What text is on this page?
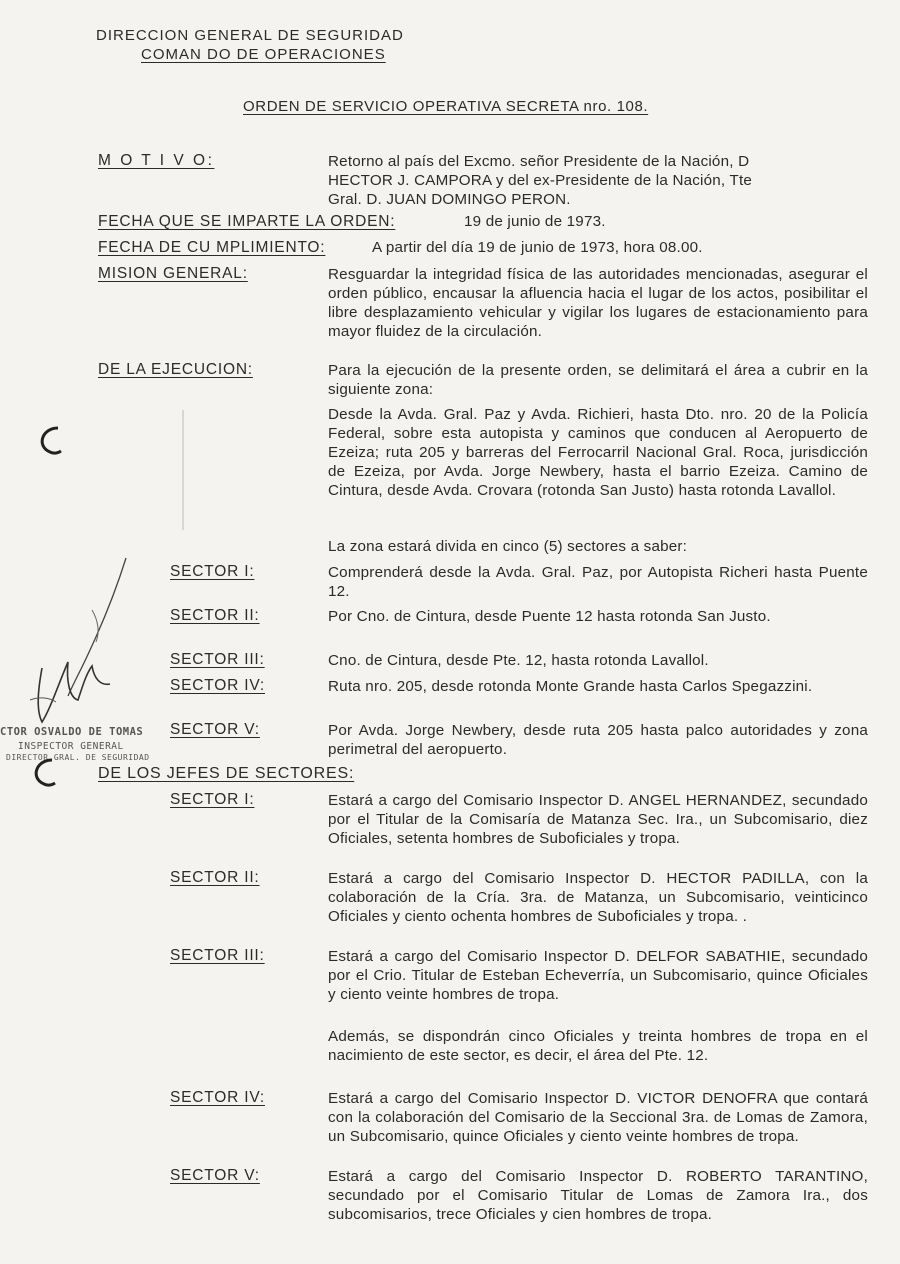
DIRECCION GENERAL DE SEGURIDAD
COMAN DO DE OPERACIONES
ORDEN DE SERVICIO OPERATIVA SECRETA nro. 108.
M O T I V O:	Retorno al país del Excmo. señor Presidente de la Nación, D
HECTOR J. CAMPORA y del ex-Presidente de la Nación, Tte
Gral. D. JUAN DOMINGO PERON.
FECHA QUE SE IMPARTE LA ORDEN:	19 de junio de 1973.
FECHA DE CU MPLIMIENTO:	A partir del día 19 de junio de 1973, hora 08.00.
MISION GENERAL:	Resguardar la integridad física de las autoridades mencionadas, asegurar el orden público, encausar la afluencia hacia el lugar de los actos, posibilitar el libre desplazamiento vehicular y vigilar los lugares de estacionamiento para mayor fluidez de la circulación.
DE LA EJECUCION:	Para la ejecución de la presente orden, se delimitará el área a cubrir en la siguiente zona:
Desde la Avda. Gral. Paz y Avda. Richieri, hasta Dto. nro. 20 de la Policía Federal, sobre esta autopista y caminos que conducen al Aeropuerto de Ezeiza; ruta 205 y barreras del Ferrocarril Nacional Gral. Roca, jurisdicción de Ezeiza, por Avda. Jorge Newbery, hasta el barrio Ezeiza. Camino de Cintura, desde Avda. Crovara (rotonda San Justo) hasta rotonda Lavallol.
La zona estará divida en cinco (5) sectores a saber:
SECTOR I:	Comprenderá desde la Avda. Gral. Paz, por Autopista Richeri hasta Puente 12.
SECTOR II:	Por Cno. de Cintura, desde Puente 12 hasta rotonda San Justo.
SECTOR III:	Cno. de Cintura, desde Pte. 12, hasta rotonda Lavallol.
SECTOR IV:	Ruta nro. 205, desde rotonda Monte Grande hasta Carlos Spegazzini.
SECTOR V:	Por Avda. Jorge Newbery, desde ruta 205 hasta palco autoridades y zona perimetral del aeropuerto.
DE LOS JEFES DE SECTORES:
SECTOR I:	Estará a cargo del Comisario Inspector D. ANGEL HERNANDEZ, secundado por el Titular de la Comisaría de Matanza Sec. Ira., un Subcomisario, diez Oficiales, setenta hombres de Suboficiales y tropa.
SECTOR II:	Estará a cargo del Comisario Inspector D. HECTOR PADILLA, con la colaboración de la Cría. 3ra. de Matanza, un Subcomisario, veinticinco Oficiales y ciento ochenta hombres de Suboficiales y tropa. .
SECTOR III:	Estará a cargo del Comisario Inspector D. DELFOR SABATHIE, secundado por el Crio. Titular de Esteban Echeverría, un Subcomisario, quince Oficiales y ciento veinte hombres de tropa.
Además, se dispondrán cinco Oficiales y treinta hombres de tropa en el nacimiento de este sector, es decir, el área del Pte. 12.
SECTOR IV:	Estará a cargo del Comisario Inspector D. VICTOR DENOFRA que contará con la colaboración del Comisario de la Seccional 3ra. de Lomas de Zamora, un Subcomisario, quince Oficiales y ciento veinte hombres de tropa.
SECTOR V:	Estará a cargo del Comisario Inspector D. ROBERTO TARANTINO, secundado por el Comisario Titular de Lomas de Zamora Ira., dos subcomisarios, trece Oficiales y cien hombres de tropa.
CTOR OSVALDO DE TOMAS
INSPECTOR GENERAL
DIRECTOR GRAL. DE SEGURIDAD
